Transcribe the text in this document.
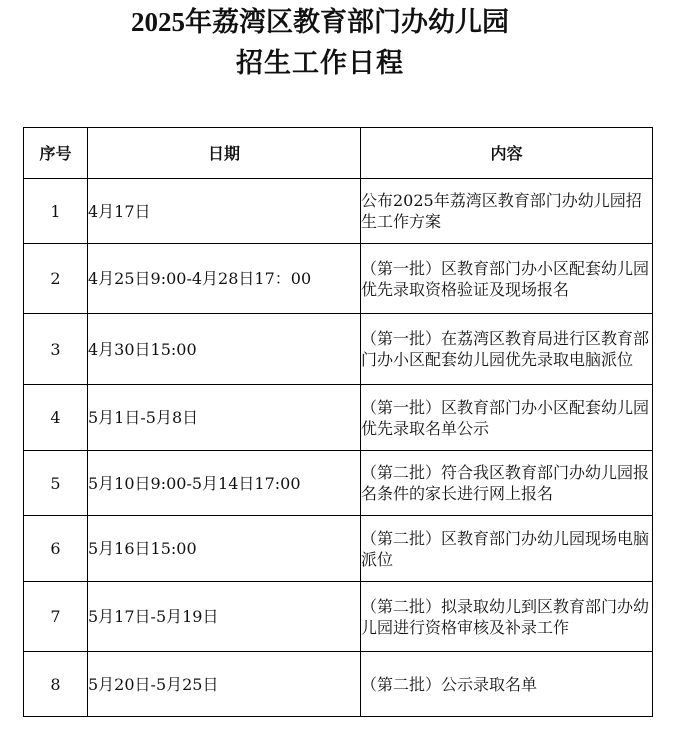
2025年荔湾区教育部门办幼儿园
招生工作日程
序号	日期	内容
1	4月17日	公布2025年荔湾区教育部门办幼儿园招生工作方案
2	4月25日9:00-4月28日17：00	（第一批）区教育部门办小区配套幼儿园优先录取资格验证及现场报名
3	4月30日15:00	（第一批）在荔湾区教育局进行区教育部门办小区配套幼儿园优先录取电脑派位
4	5月1日-5月8日	（第一批）区教育部门办小区配套幼儿园优先录取名单公示
5	5月10日9:00-5月14日17:00	（第二批）符合我区教育部门办幼儿园报名条件的家长进行网上报名
6	5月16日15:00	（第二批）区教育部门办幼儿园现场电脑派位
7	5月17日-5月19日	（第二批）拟录取幼儿到区教育部门办幼儿园进行资格审核及补录工作
8	5月20日-5月25日	（第二批）公示录取名单
